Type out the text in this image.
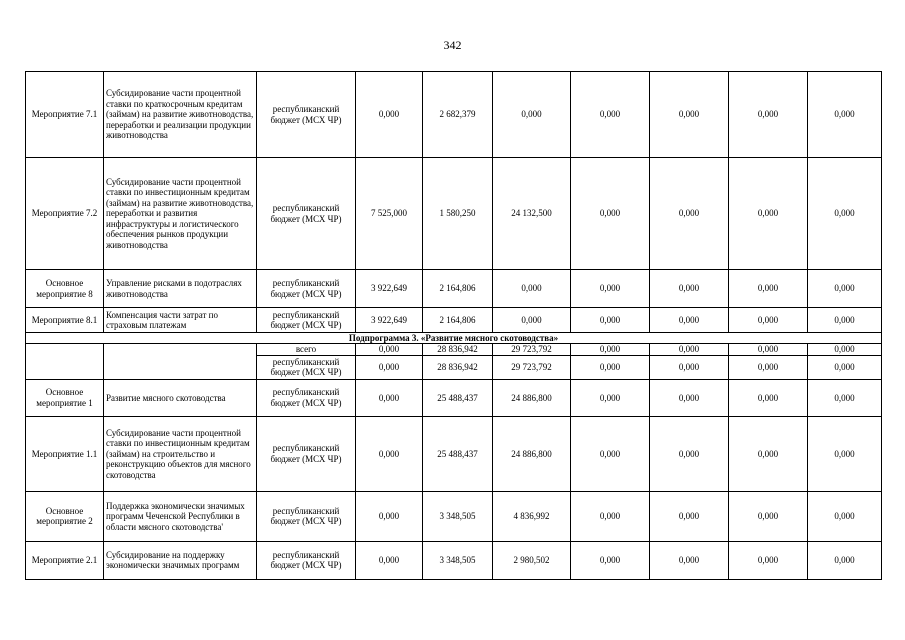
342
Мероприятие 7.1	Субсидирование части процентной ставки по краткосрочным кредитам (займам) на развитие животноводства, переработки и реализации продукции животноводства	республиканский бюджет (МСХ ЧР)	0,000	2 682,379	0,000	0,000	0,000	0,000	0,000
Мероприятие 7.2	Субсидирование части процентной ставки по инвестиционным кредитам (займам) на развитие животноводства, переработки и развития инфраструктуры и логистического обеспечения рынков продукции животноводства	республиканский бюджет (МСХ ЧР)	7 525,000	1 580,250	24 132,500	0,000	0,000	0,000	0,000
Основное мероприятие 8	Управление рисками в подотраслях животноводства	республиканский бюджет (МСХ ЧР)	3 922,649	2 164,806	0,000	0,000	0,000	0,000	0,000
Мероприятие 8.1	Компенсация части затрат по страховым платежам	республиканский бюджет (МСХ ЧР)	3 922,649	2 164,806	0,000	0,000	0,000	0,000	0,000
Подпрограмма 3. «Развитие мясного скотоводства»									
		всего	0,000	28 836,942	29 723,792	0,000	0,000	0,000	0,000
		республиканский бюджет (МСХ ЧР)	0,000	28 836,942	29 723,792	0,000	0,000	0,000	0,000
Основное мероприятие 1	Развитие мясного скотоводства	республиканский бюджет (МСХ ЧР)	0,000	25 488,437	24 886,800	0,000	0,000	0,000	0,000
Мероприятие 1.1	Субсидирование части процентной ставки по инвестиционным кредитам (займам) на строительство и реконструкцию объектов для мясного скотоводства	республиканский бюджет (МСХ ЧР)	0,000	25 488,437	24 886,800	0,000	0,000	0,000	0,000
Основное мероприятие 2	Поддержка экономически значимых программ Чеченской Республики в области мясного скотоводства'	республиканский бюджет (МСХ ЧР)	0,000	3 348,505	4 836,992	0,000	0,000	0,000	0,000
Мероприятие 2.1	Субсидирование на поддержку экономически значимых программ	республиканский бюджет (МСХ ЧР)	0,000	3 348,505	2 980,502	0,000	0,000	0,000	0,000
